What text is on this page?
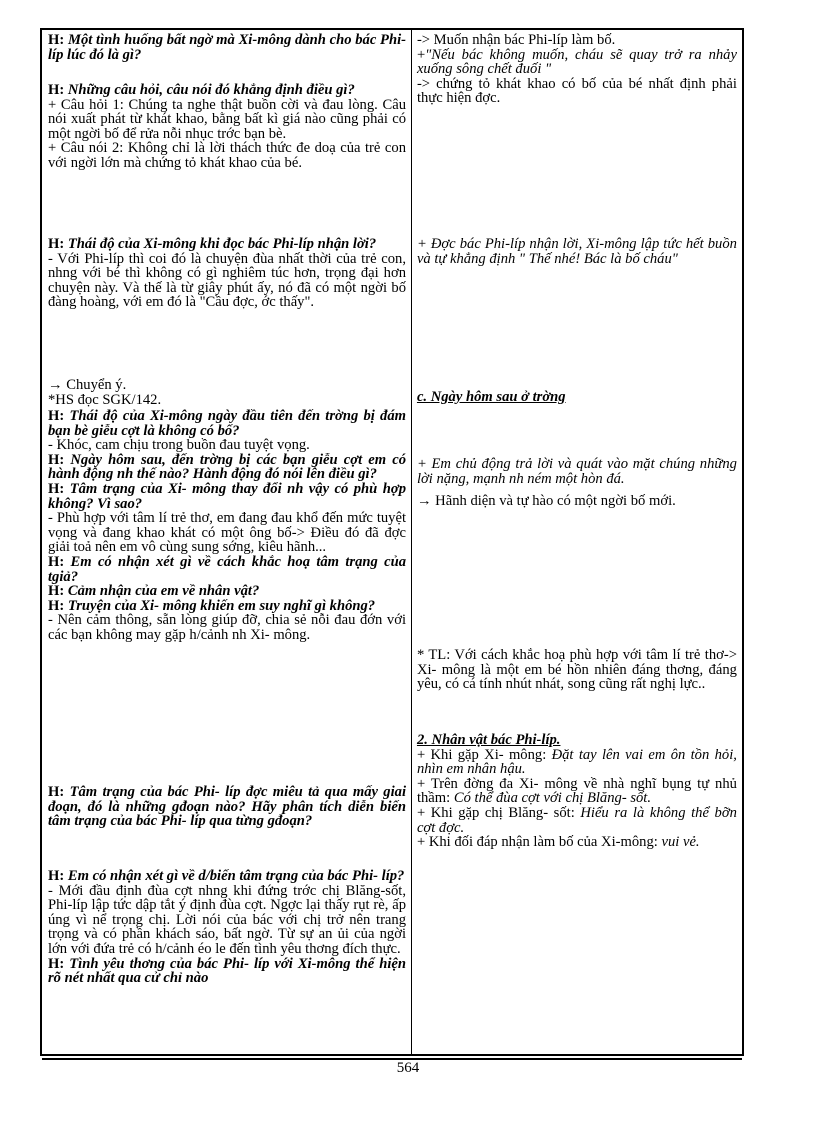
H: Một tình huống bất ngờ mà Xi-mông dành cho bác Phi-líp lúc đó là gì?

H: Những câu hỏi, câu nói đó khẳng định điều gì?

+ Câu hỏi 1: Chúng ta nghe thật buồn cời và đau lòng. Câu nói xuất phát từ khát khao, bằng bất kì giá nào cũng phải có một ngời bố để rửa nỗi nhục trớc bạn bè.

+ Câu nói 2: Không chỉ là lời thách thức đe doạ của trẻ con với ngời lớn mà chứng tỏ khát khao của bé.

H: Thái độ của Xi-mông khi đọc bác Phi-líp nhận lời?

- Với Phi-líp thì coi đó là chuyện đùa nhất thời của trẻ con, nhng với bé thì không có gì nghiêm túc hơn, trọng đại hơn chuyện này. Và thế là từ giây phút ấy, nó đã có một ngời bố đàng hoàng, với em đó là "Cầu đợc, ớc thấy".

→ Chuyển ý.

*HS đọc SGK/142.

H: Thái độ của Xi-mông ngày đầu tiên đến trờng bị đám bạn bè giễu cợt là không có bố?

- Khóc, cam chịu trong buồn đau tuyệt vọng.

H: Ngày hôm sau, đến trờng bị các bạn giễu cợt em có hành động nh thế nào? Hành động đó nói lên điều gì?

H: Tâm trạng của Xi- mông thay đổi nh vậy có phù hợp không? Vì sao?

- Phù hợp với tâm lí trẻ thơ, em đang đau khổ đến mức tuyệt vọng và đang khao khát có một ông bố-> Điều đó đã đợc giải toả nên em vô cùng sung sớng, kiêu hãnh...

H: Em có nhận xét gì về cách khắc hoạ tâm trạng của tgiả?

H: Cảm nhận của em về nhân vật?

H: Truyện của Xi- mông khiến em suy nghĩ gì không?

- Nên cảm thông, sẵn lòng giúp đỡ, chia sẻ nỗi đau đớn với các bạn không may gặp h/cảnh nh Xi- mông.

H: Tâm trạng của bác Phi- líp đợc miêu tả qua mấy giai đoạn, đó là những gđoạn nào? Hãy phân tích diễn biến tâm trạng của bác Phi- líp qua từng gđoạn?

H: Em có nhận xét gì về d/biến tâm trạng của bác Phi- líp?

- Mới đầu định đùa cợt nhng khi đứng trớc chị Blăng-sốt, Phi-líp lập tức dập tắt ý định đùa cợt. Ngợc lại thấy rụt rè, ấp úng vì nể trọng chị. Lời nói của bác với chị trở nên trang trọng và có phần khách sáo, bất ngờ. Từ sự an ủi của ngời lớn với đứa trẻ có h/cảnh éo le đến tình yêu thơng đích thực.

H: Tình yêu thơng của bác Phi- líp với Xi-mông thể hiện rõ nét nhất qua cử chỉ nào

-> Muốn nhận bác Phi-líp làm bố.

+"Nếu bác không muốn, cháu sẽ quay trở ra nhảy xuống sông chết đuối "

-> chứng tỏ khát khao có bố của bé nhất định phải thực hiện đợc.

+ Đợc bác Phi-líp nhận lời, Xi-mông lập tức hết buồn và tự khẳng định " Thế nhé! Bác là bố cháu"

c. Ngày hôm sau ở trờng

+ Em chủ động trả lời và quát vào mặt chúng những lời nặng, mạnh nh ném một hòn đá.

→ Hãnh diện và tự hào có một ngời bố mới.

* TL: Với cách khắc hoạ phù hợp với tâm lí trẻ thơ-> Xi- mông là một em bé hồn nhiên đáng thơng, đáng yêu, có cá tính nhút nhát, song cũng rất nghị lực..

2. Nhân vật bác Phi-líp.

+ Khi gặp Xi- mông: Đặt tay lên vai em ôn tồn hỏi, nhìn em nhân hậu.

+ Trên đờng đa Xi- mông về nhà nghĩ bụng tự nhủ thầm: Có thể đùa cợt với chị Blăng- sốt.

+ Khi gặp chị Blăng- sốt: Hiểu ra là không thể bỡn cợt đợc.

+ Khi đối đáp nhận làm bố của Xi-mông: vui vẻ.

564
